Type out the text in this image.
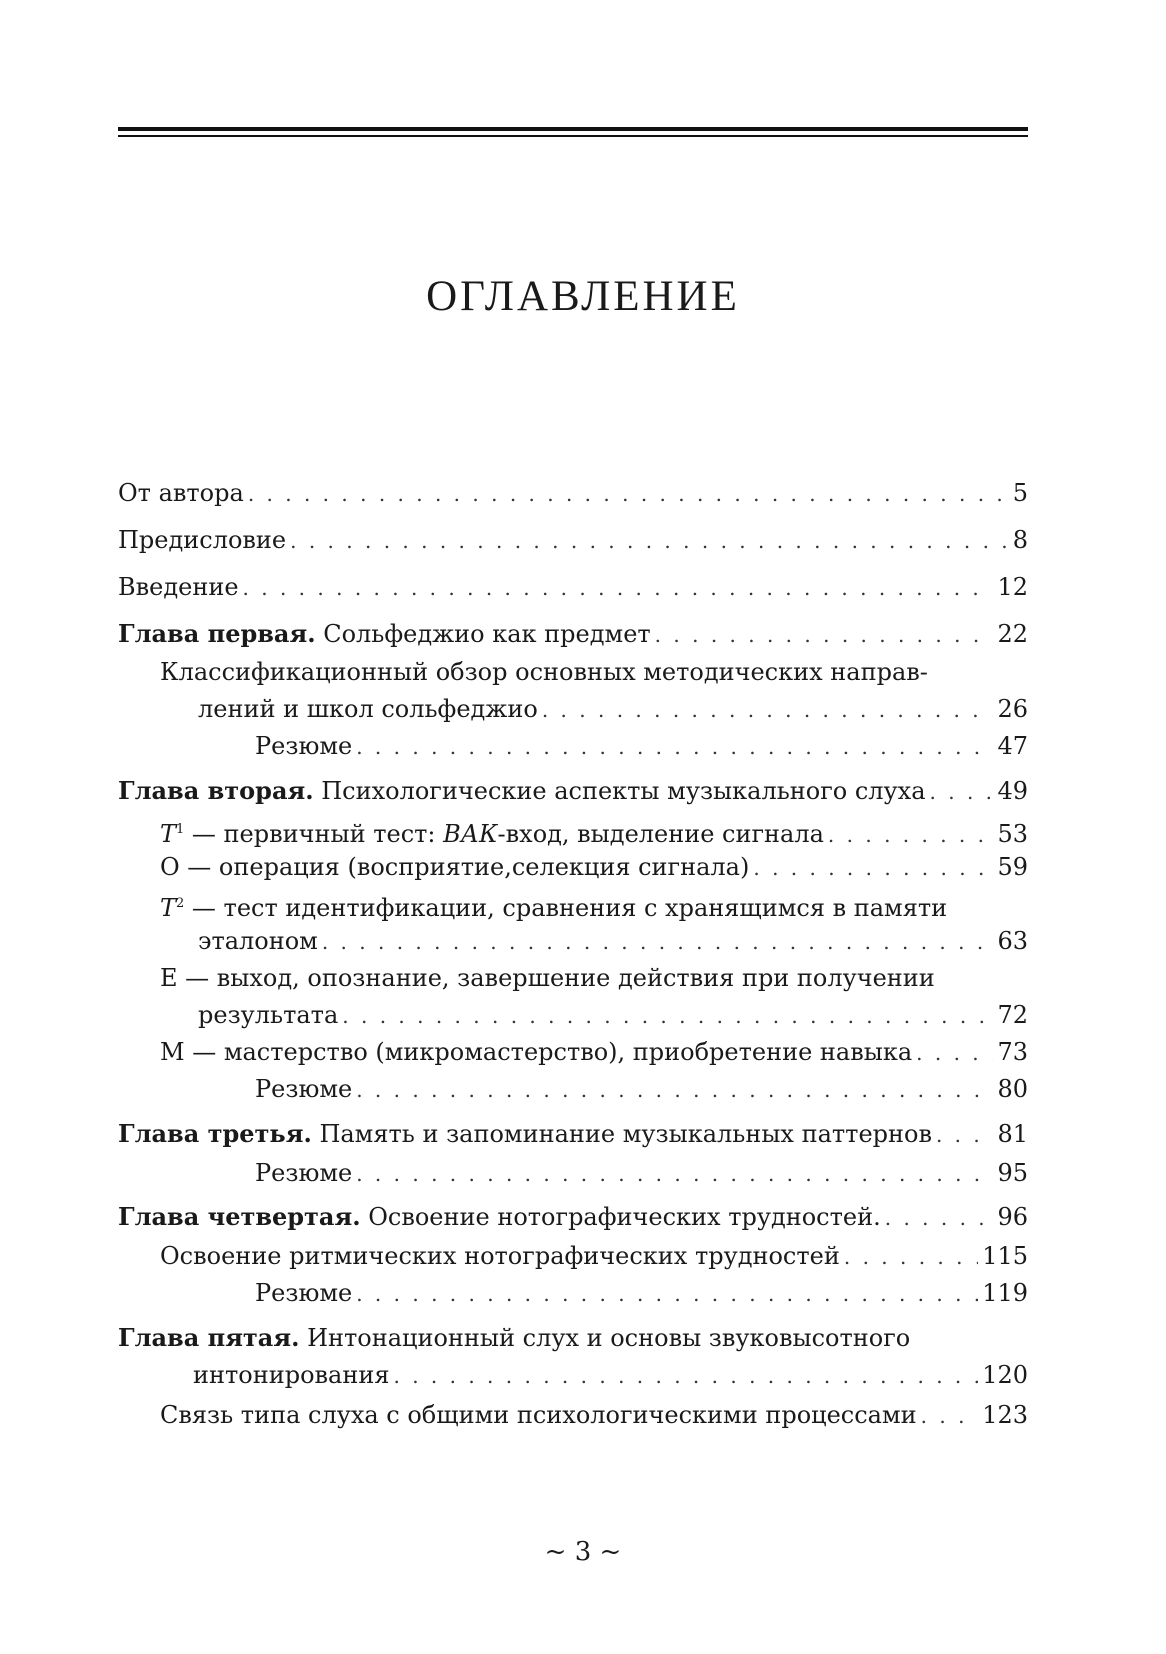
ОГЛАВЛЕНИЕ
От автора . . .	5
Предисловие . . .	8
Введение . . .	12
Глава первая. Сольфеджио как предмет . . .	22
Классификационный обзор основных методических направ-
лений и школ сольфеджио . . .	26
Резюме . . .	47
Глава вторая. Психологические аспекты музыкального слуха . . .	49
$T^1$ — первичный тест: ВАК-вход, выделение сигнала . . .	53
О — операция (восприятие,селекция сигнала) . . .	59
$T^2$ — тест идентификации, сравнения с хранящимся в памяти
эталоном . . .	63
Е — выход, опознание, завершение действия при получении
результата . . .	72
М — мастерство (микромастерство), приобретение навыка . . .	73
Резюме . . .	80
Глава третья. Память и запоминание музыкальных паттернов . . .	81
Резюме . . .	95
Глава четвертая. Освоение нотографических трудностей. . . .	96
Освоение ритмических нотографических трудностей . . .	115
Резюме . . .	119
Глава пятая. Интонационный слух и основы звуковысотного
интонирования . . .	120
Связь типа слуха с общими психологическими процессами . . .	123
~ 3 ~
